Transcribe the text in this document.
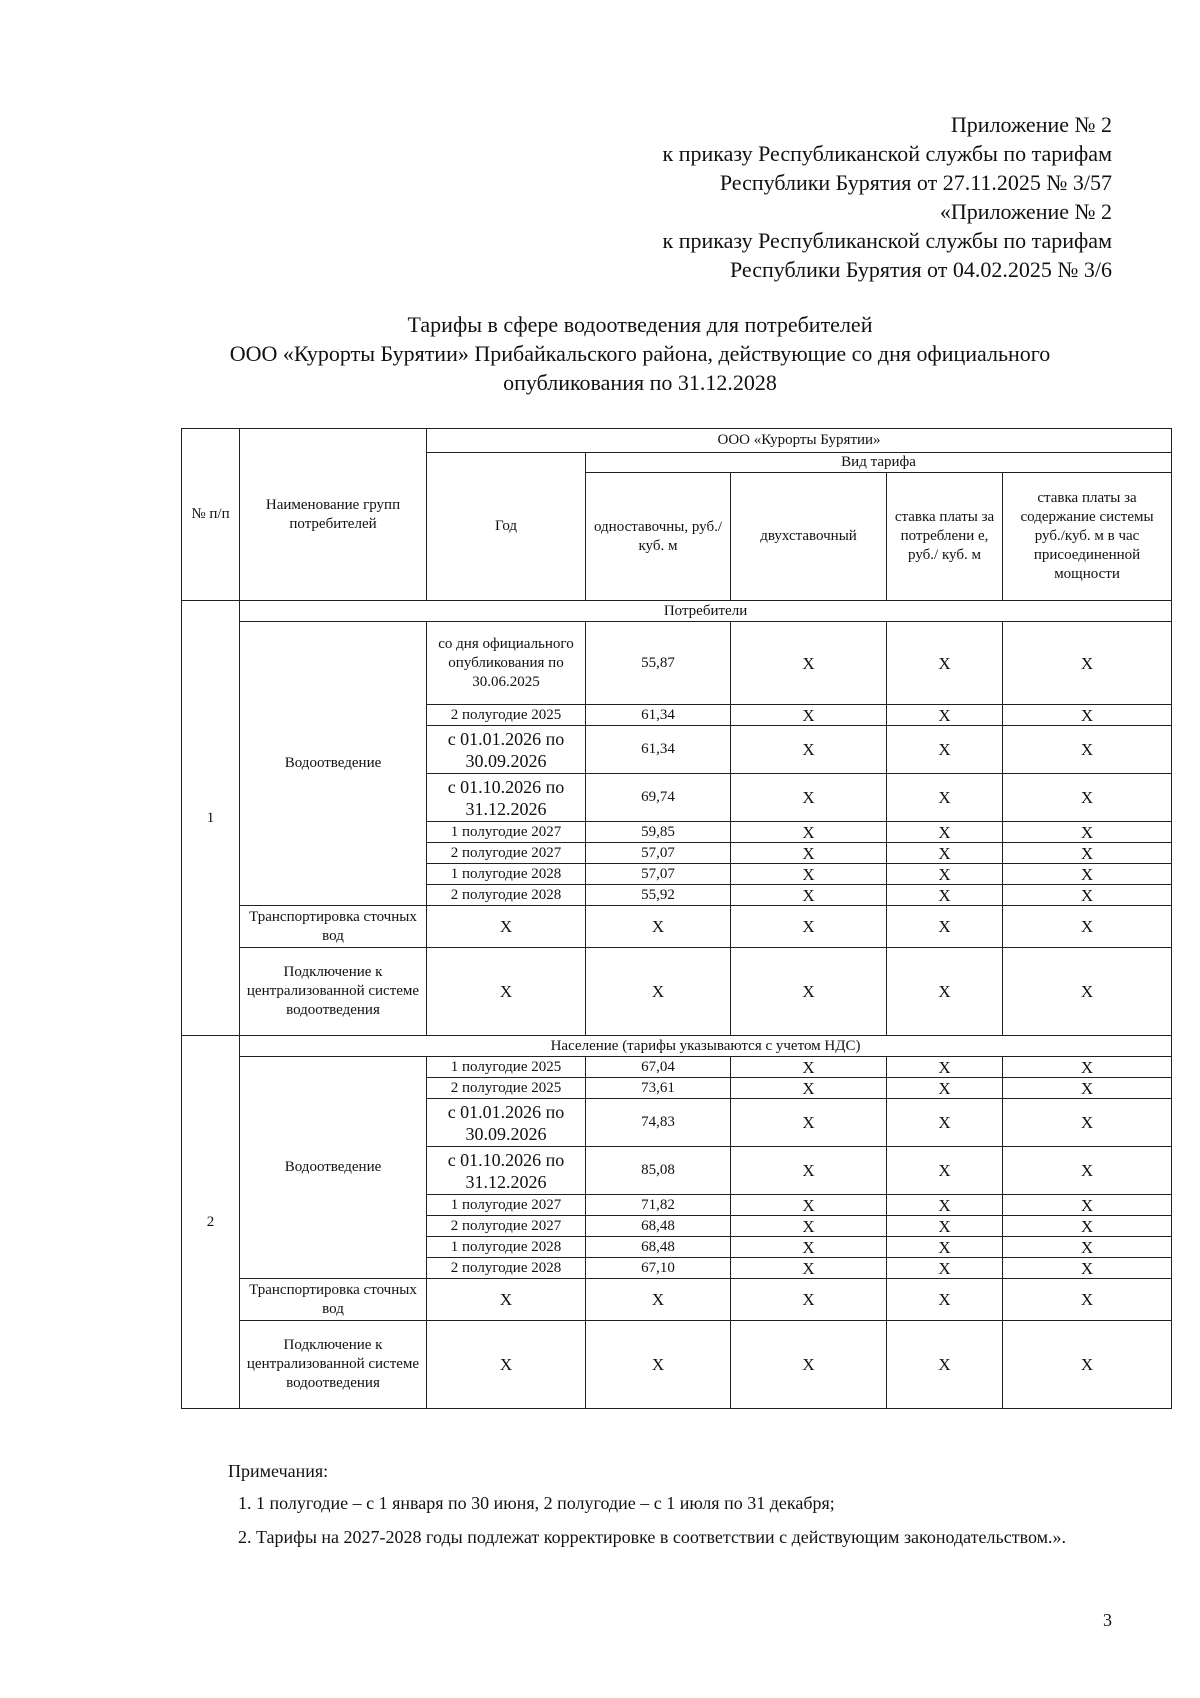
Приложение № 2
к приказу Республиканской службы по тарифам
Республики Бурятия от 27.11.2025 № 3/57
«Приложение № 2
к приказу Республиканской службы по тарифам
Республики Бурятия от 04.02.2025 № 3/6
Тарифы в сфере водоотведения для потребителей
ООО «Курорты Бурятии» Прибайкальского района, действующие со дня официального
опубликования по 31.12.2028
№ п/п	Наименование групп потребителей	ООО «Курорты Бурятии»				
		Год	Вид тарифа			
			одноставочны, руб./ куб. м	двухставочный	ставка платы за потреблени е, руб./ куб. м	ставка платы за содержание системы руб./куб. м в час присоединенной мощности
1	Потребители					
	Водоотведение	со дня официального опубликования по 30.06.2025	55,87	Х	Х	Х
		2 полугодие 2025	61,34	Х	Х	Х
		с 01.01.2026 по 30.09.2026	61,34	Х	Х	Х
		с 01.10.2026 по 31.12.2026	69,74	Х	Х	Х
		1 полугодие 2027	59,85	Х	Х	Х
		2 полугодие 2027	57,07	Х	Х	Х
		1 полугодие 2028	57,07	Х	Х	Х
		2 полугодие 2028	55,92	Х	Х	Х
	Транспортировка сточных вод	Х	Х	Х	Х	Х
	Подключение к централизованной системе водоотведения	Х	Х	Х	Х	Х
2	Население (тарифы указываются с учетом НДС)					
	Водоотведение	1 полугодие 2025	67,04	Х	Х	Х
		2 полугодие 2025	73,61	Х	Х	Х
		с 01.01.2026 по 30.09.2026	74,83	Х	Х	Х
		с 01.10.2026 по 31.12.2026	85,08	Х	Х	Х
		1 полугодие 2027	71,82	Х	Х	Х
		2 полугодие 2027	68,48	Х	Х	Х
		1 полугодие 2028	68,48	Х	Х	Х
		2 полугодие 2028	67,10	Х	Х	Х
	Транспортировка сточных вод	Х	Х	Х	Х	Х
	Подключение к централизованной системе водоотведения	Х	Х	Х	Х	Х
Примечания:
1. 1 полугодие – с 1 января по 30 июня, 2 полугодие – с 1 июля по 31 декабря;
2. Тарифы на 2027-2028 годы подлежат корректировке в соответствии с действующим законодательством.».
3
